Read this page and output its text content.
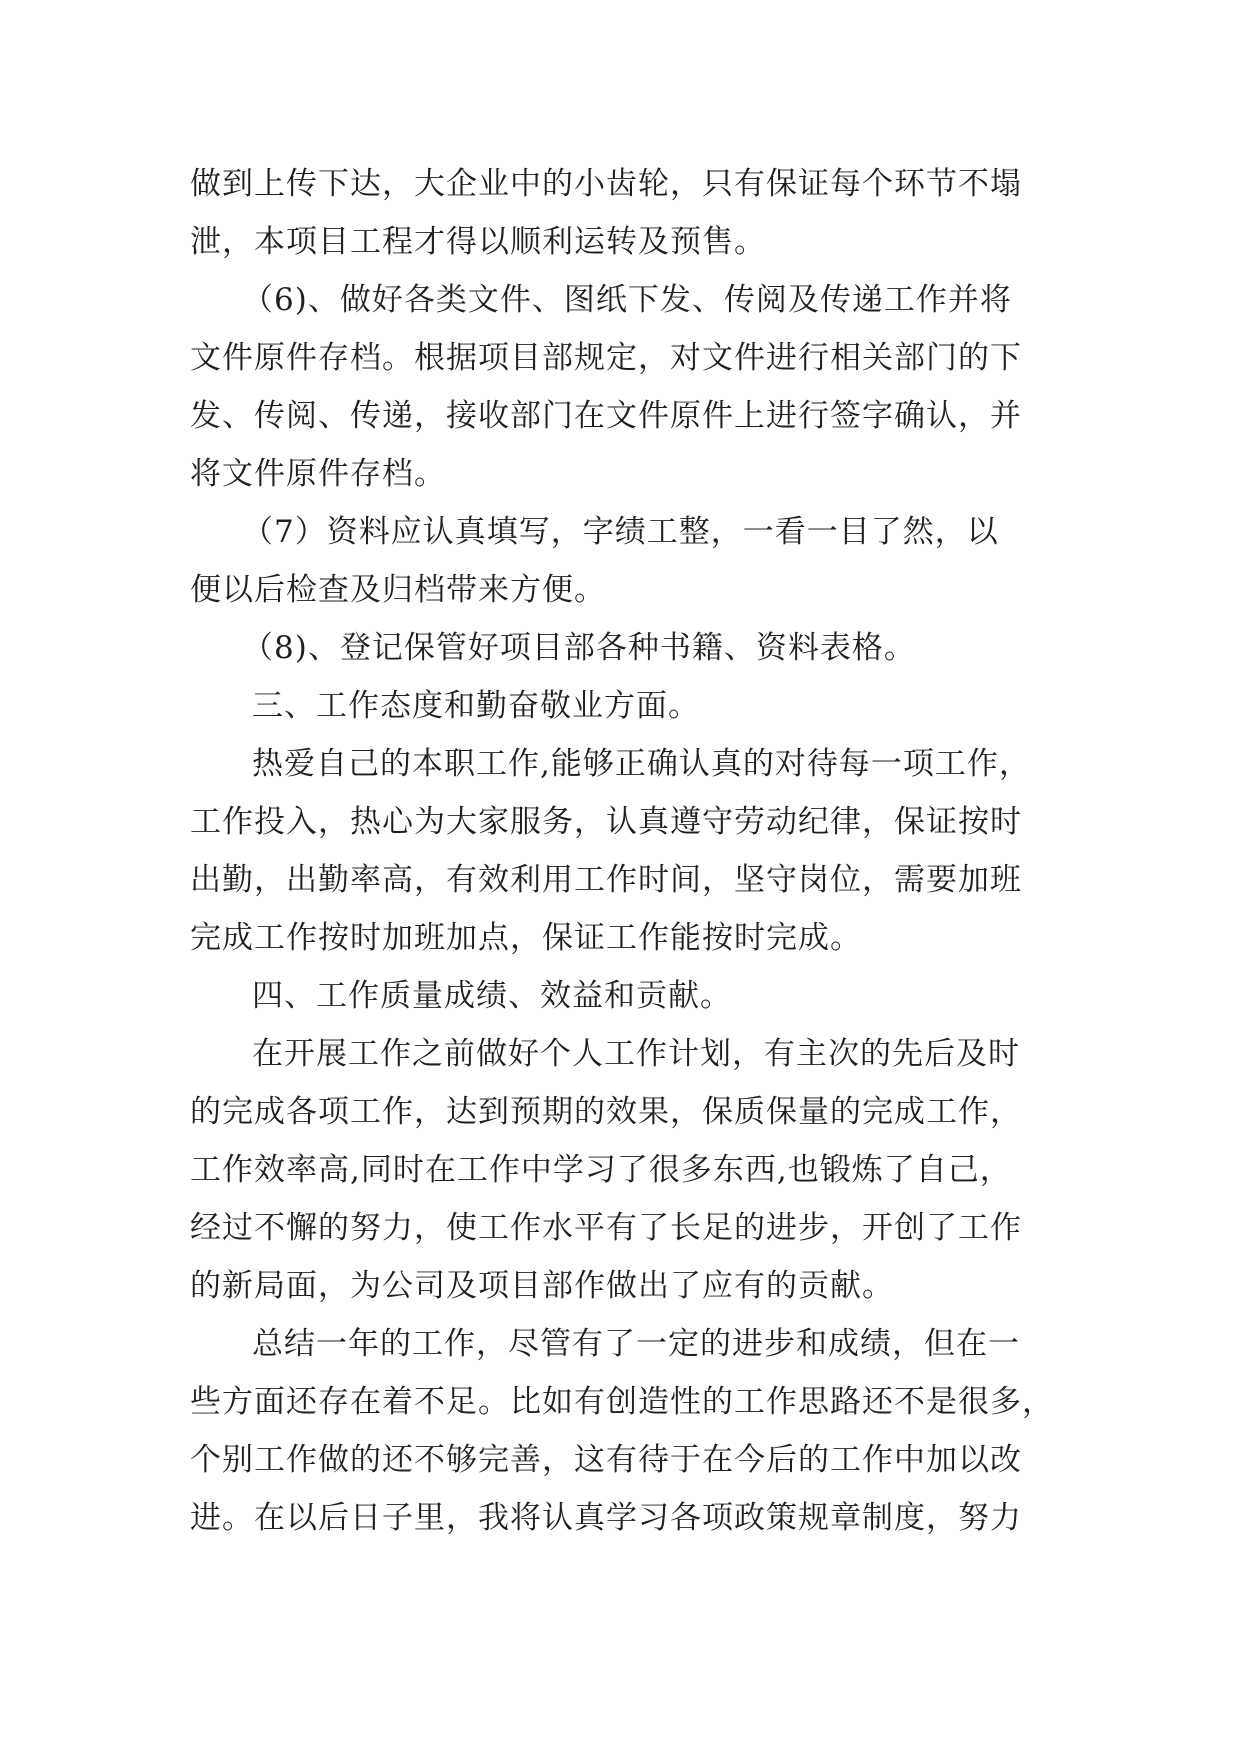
做到上传下达，大企业中的小齿轮，只有保证每个环节不塌
泄，本项目工程才得以顺利运转及预售。
（6)、做好各类文件、图纸下发、传阅及传递工作并将
文件原件存档。根据项目部规定，对文件进行相关部门的下
发、传阅、传递，接收部门在文件原件上进行签字确认，并
将文件原件存档。
（7）资料应认真填写，字绩工整，一看一目了然，以
便以后检查及归档带来方便。
（8)、登记保管好项目部各种书籍、资料表格。
三、工作态度和勤奋敬业方面。
热爱自己的本职工作,能够正确认真的对待每一项工作，
工作投入，热心为大家服务，认真遵守劳动纪律，保证按时
出勤，出勤率高，有效利用工作时间，坚守岗位，需要加班
完成工作按时加班加点，保证工作能按时完成。
四、工作质量成绩、效益和贡献。
在开展工作之前做好个人工作计划，有主次的先后及时
的完成各项工作，达到预期的效果，保质保量的完成工作，
工作效率高,同时在工作中学习了很多东西,也锻炼了自己，
经过不懈的努力，使工作水平有了长足的进步，开创了工作
的新局面，为公司及项目部作做出了应有的贡献。
总结一年的工作，尽管有了一定的进步和成绩，但在一
些方面还存在着不足。比如有创造性的工作思路还不是很多，
个别工作做的还不够完善，这有待于在今后的工作中加以改
进。在以后日子里，我将认真学习各项政策规章制度，努力
